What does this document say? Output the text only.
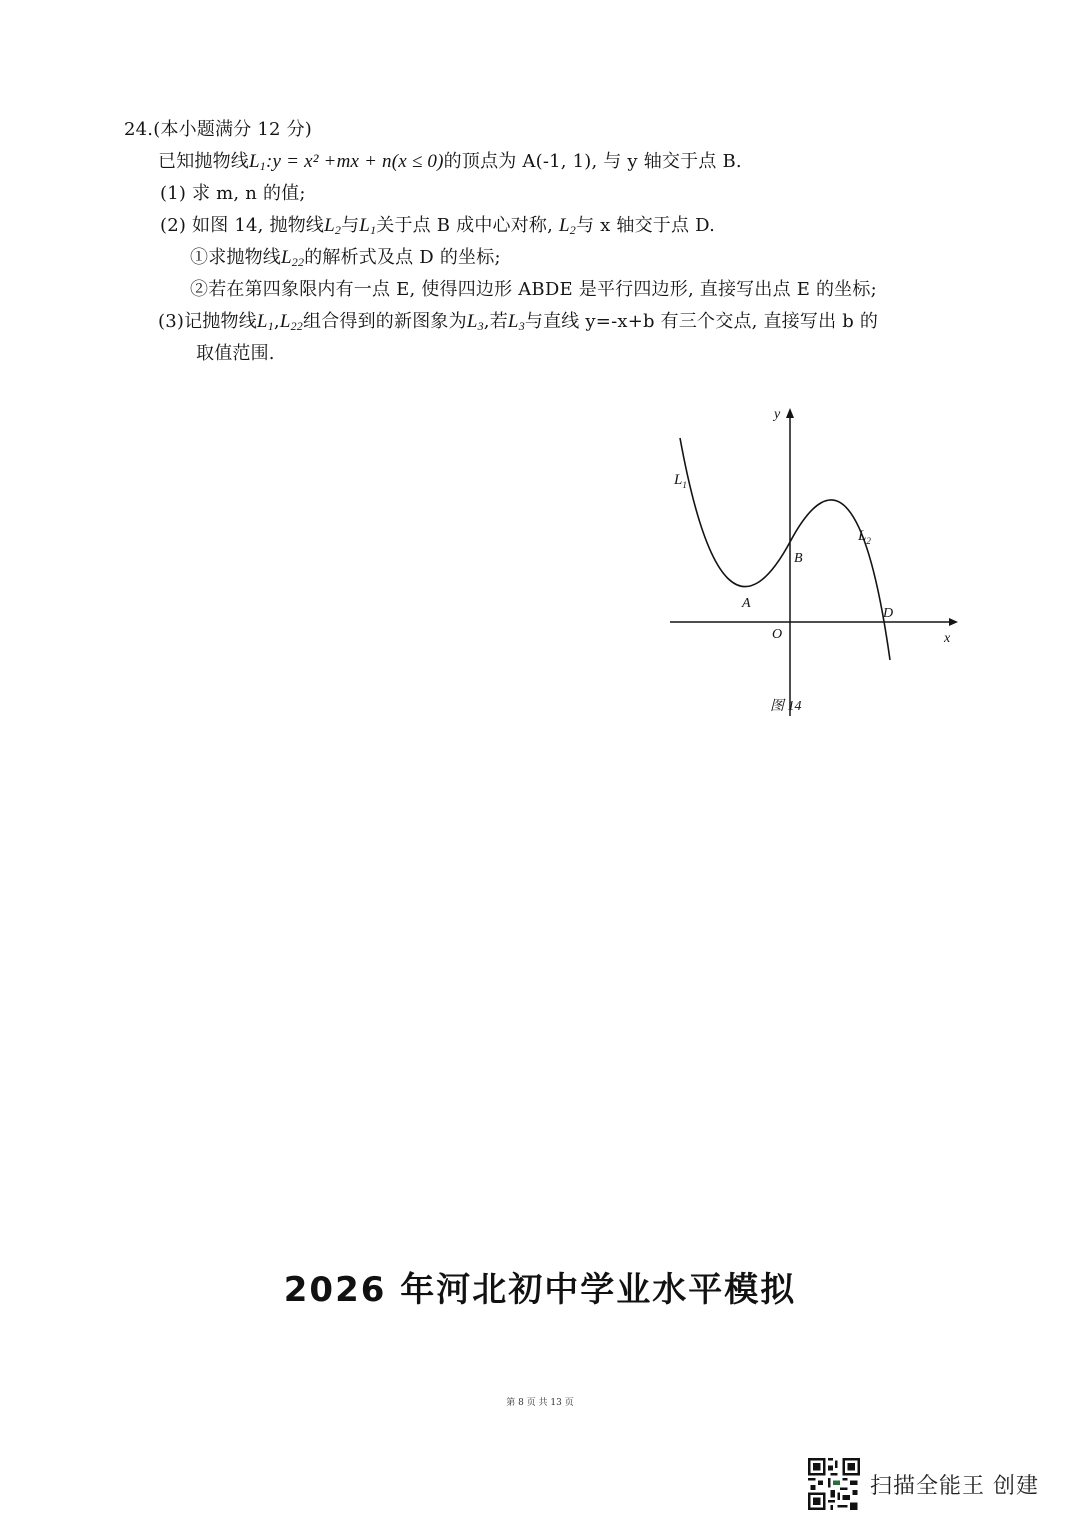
24.(本小题满分 12 分)
已知抛物线$L_1:y = x^2 +mx + n(x \le 0)$的顶点为 A(-1, 1), 与 y 轴交于点 B.
(1) 求 m, n 的值;
(2) 如图 14, 抛物线$L_2$与$L_1$关于点 B 成中心对称, $L_2$与 x 轴交于点 D.
①求抛物线$L_{22}$的解析式及点 D 的坐标;
②若在第四象限内有一点 E, 使得四边形 ABDE 是平行四边形, 直接写出点 E 的坐标;
(3)记抛物线$L_1,L_{22}$组合得到的新图象为$L_3$,若$L_3$与直线 y=-x+b 有三个交点, 直接写出 b 的
取值范围.
$L_1$
$L_2$
A
B
D
O
y
x
图 14
2026 年河北初中学业水平模拟
第 8 页 共 13 页
扫描全能王 创建
